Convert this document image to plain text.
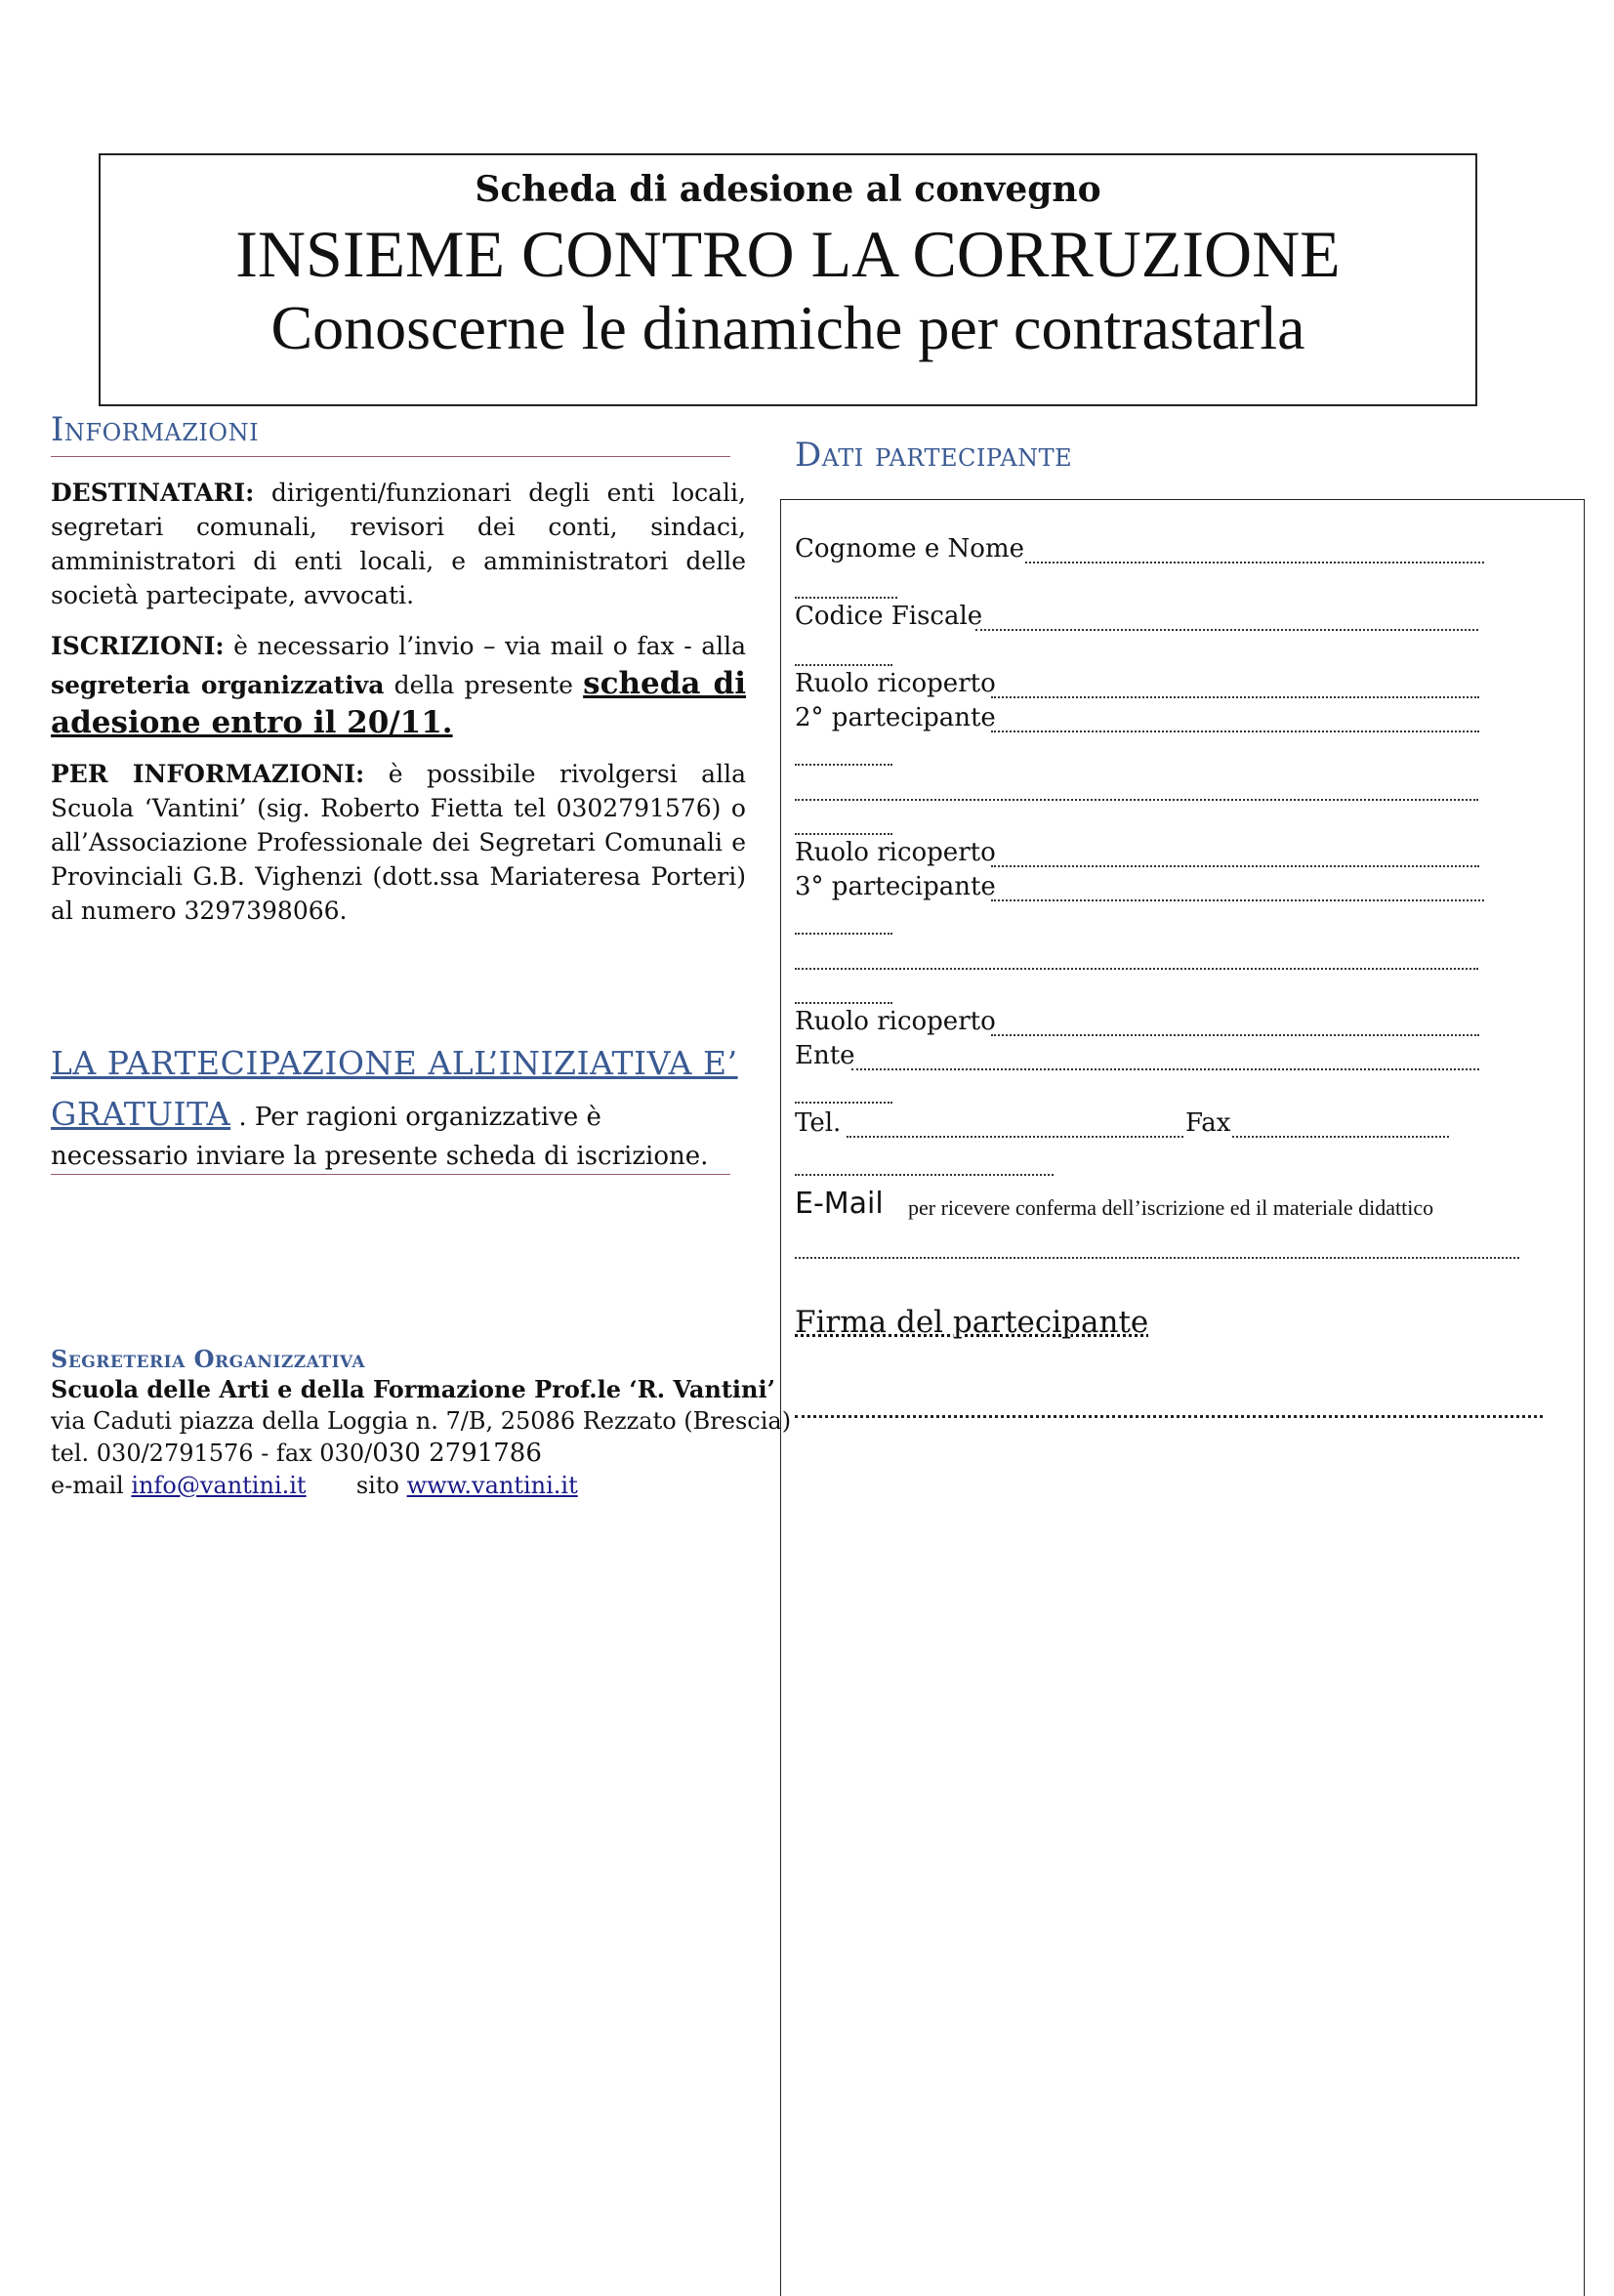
Scheda di adesione al convegno
INSIEME CONTRO LA CORRUZIONE
Conoscerne le dinamiche per contrastarla
Informazioni
DESTINATARI: dirigenti/funzionari degli enti locali, segretari comunali, revisori dei conti, sindaci, amministratori di enti locali, e amministratori delle società partecipate, avvocati.
ISCRIZIONI: è necessario l’invio – via mail o fax - alla segreteria organizzativa della presente scheda di adesione entro il 20/11.
PER INFORMAZIONI: è possibile rivolgersi alla Scuola ‘Vantini’ (sig. Roberto Fietta tel 0302791576) o all’Associazione Professionale dei Segretari Comunali e Provinciali G.B. Vighenzi (dott.ssa Mariateresa Porteri) al numero 3297398066.
LA PARTECIPAZIONE ALL’INIZIATIVA E’
GRATUITA . Per ragioni organizzative è necessario inviare la presente scheda di iscrizione.
Segreteria Organizzativa
Scuola delle Arti e della Formazione Prof.le ‘R. Vantini’
via Caduti piazza della Loggia n. 7/B, 25086 Rezzato (Brescia)
tel. 030/2791576 - fax 030/030 2791786
e-mail info@vantini.it sito www.vantini.it
Dati partecipante
Cognome e Nome
Codice Fiscale
Ruolo ricoperto
2° partecipante
Ruolo ricoperto
3° partecipante
Ruolo ricoperto
Ente
Tel.	Fax
E-Mail per ricevere conferma dell’iscrizione ed il materiale didattico
Firma del partecipante
